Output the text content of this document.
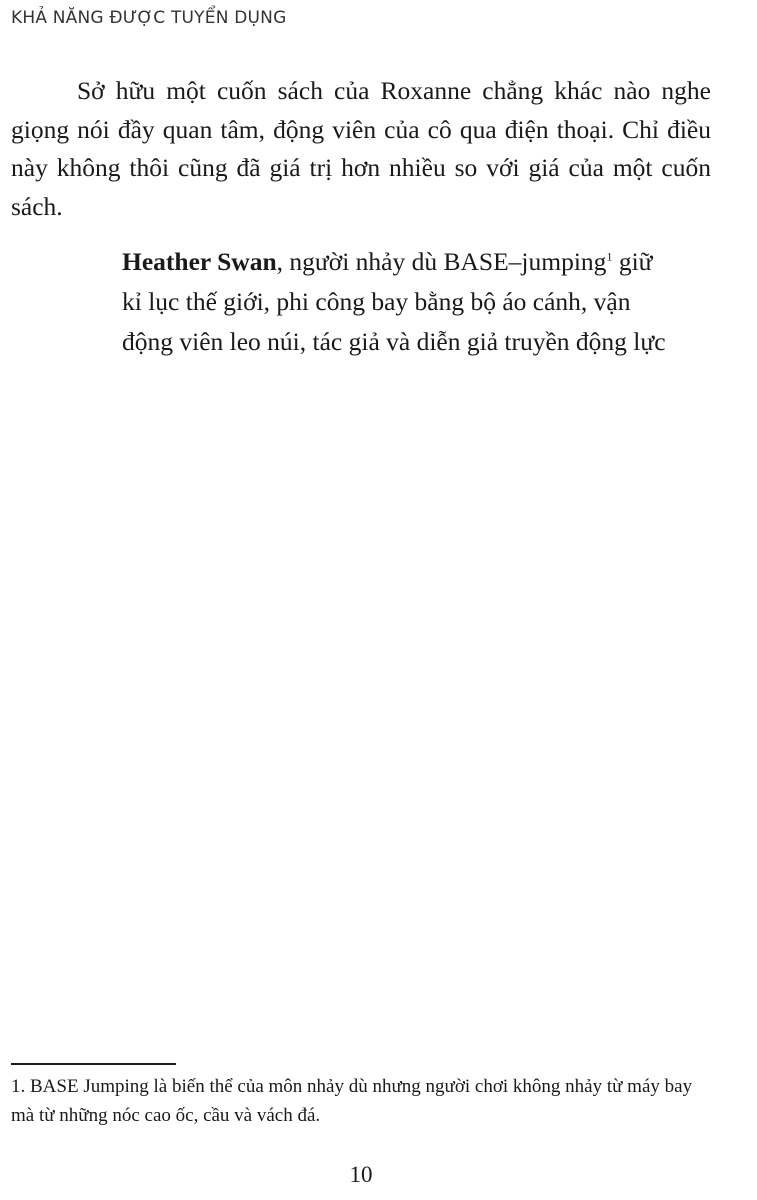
KHẢ NĂNG ĐƯỢC TUYỂN DỤNG

Sở hữu một cuốn sách của Roxanne chẳng khác nào nghe giọng nói đầy quan tâm, động viên của cô qua điện thoại. Chỉ điều này không thôi cũng đã giá trị hơn nhiều so với giá của một cuốn sách.

Heather Swan, người nhảy dù BASE–jumping$^1$ giữ
kỉ lục thế giới, phi công bay bằng bộ áo cánh, vận
động viên leo núi, tác giả và diễn giả truyền động lực

1. BASE Jumping là biến thể của môn nhảy dù nhưng người chơi không nhảy từ máy bay mà từ những nóc cao ốc, cầu và vách đá.

10
